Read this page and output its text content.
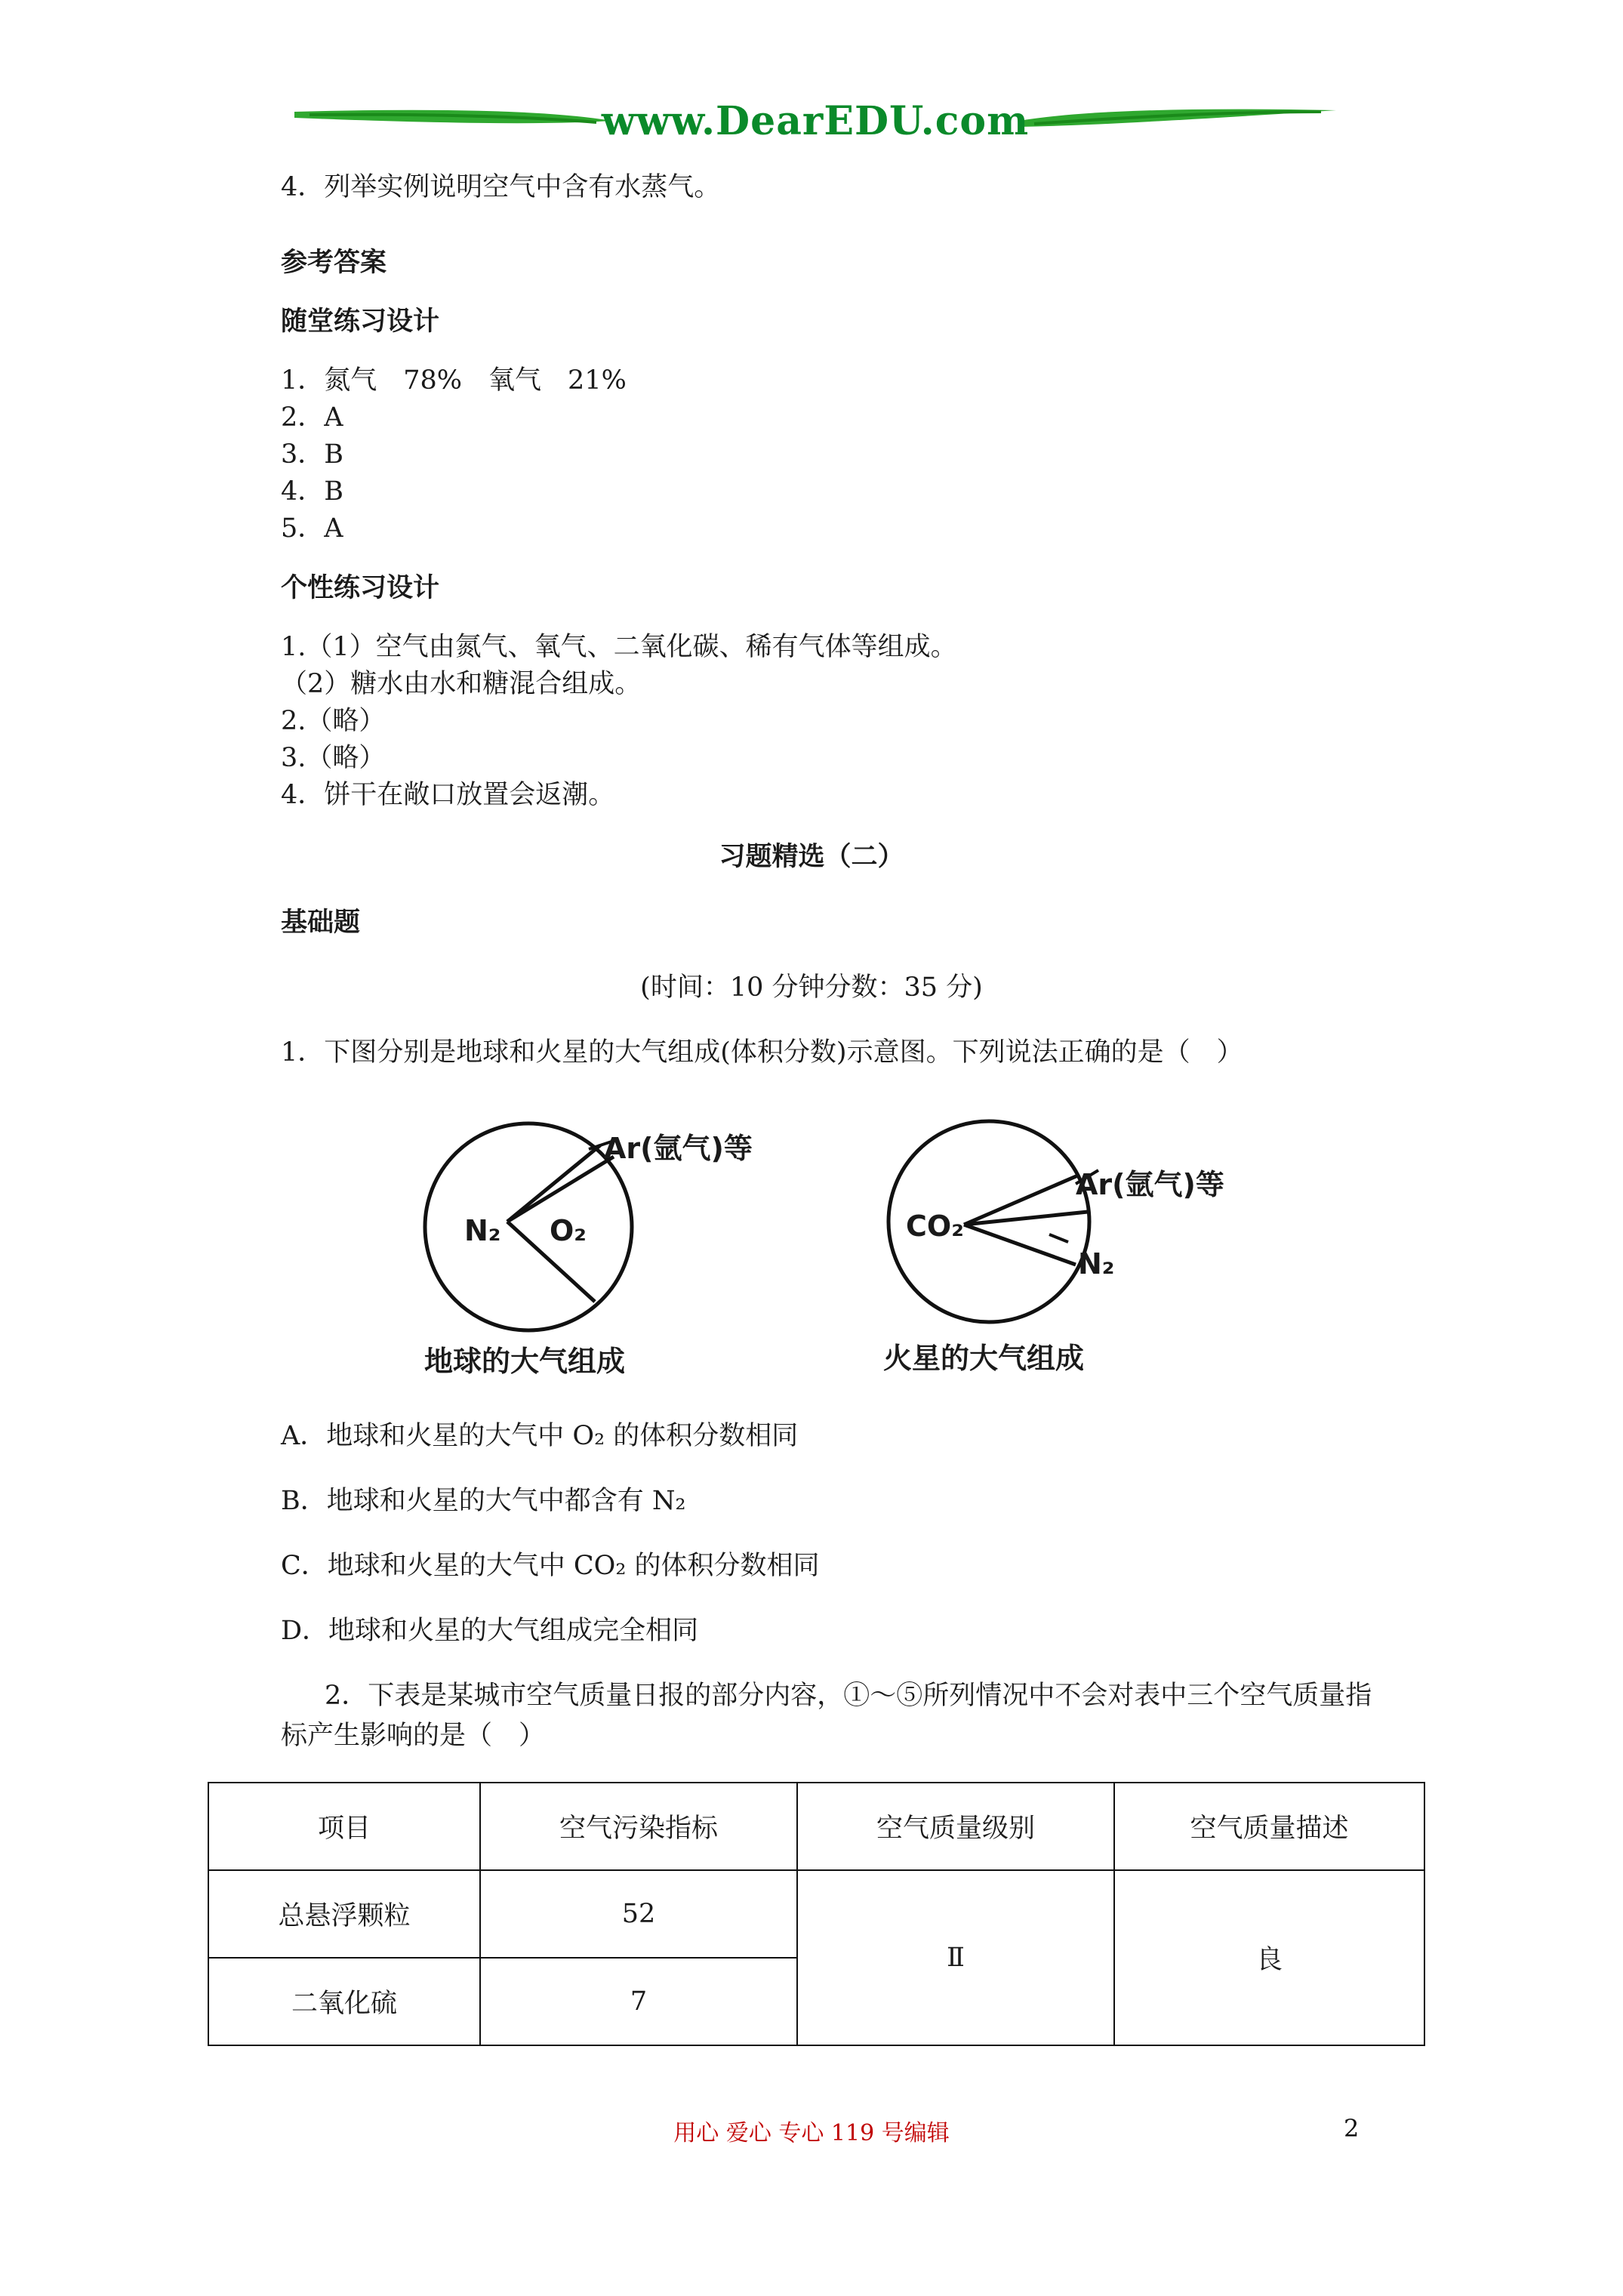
www.DearEDU.com
4．列举实例说明空气中含有水蒸气。
参考答案
随堂练习设计
1．氮气　78%　氧气　21%
2．A
3．B
4．B
5．A
个性练习设计
1.（1）空气由氮气、氧气、二氧化碳、稀有气体等组成。
（2）糖水由水和糖混合组成。
2.（略）
3.（略）
4．饼干在敞口放置会返潮。
习题精选（二）
基础题
(时间：10 分钟分数：35 分)
1．下图分别是地球和火星的大气组成(体积分数)示意图。下列说法正确的是（　）
N₂ O₂
Ar(氩气)等
地球的大气组成
CO₂
Ar(氩气)等
N₂
火星的大气组成
A．地球和火星的大气中 O₂ 的体积分数相同
B．地球和火星的大气中都含有 N₂
C．地球和火星的大气中 CO₂ 的体积分数相同
D．地球和火星的大气组成完全相同
2．下表是某城市空气质量日报的部分内容，①～⑤所列情况中不会对表中三个空气质量指
标产生影响的是（　）
项目	空气污染指标	空气质量级别	空气质量描述
总悬浮颗粒	52	Ⅱ	良
二氧化硫	7		
用心 爱心 专心 119 号编辑	2
